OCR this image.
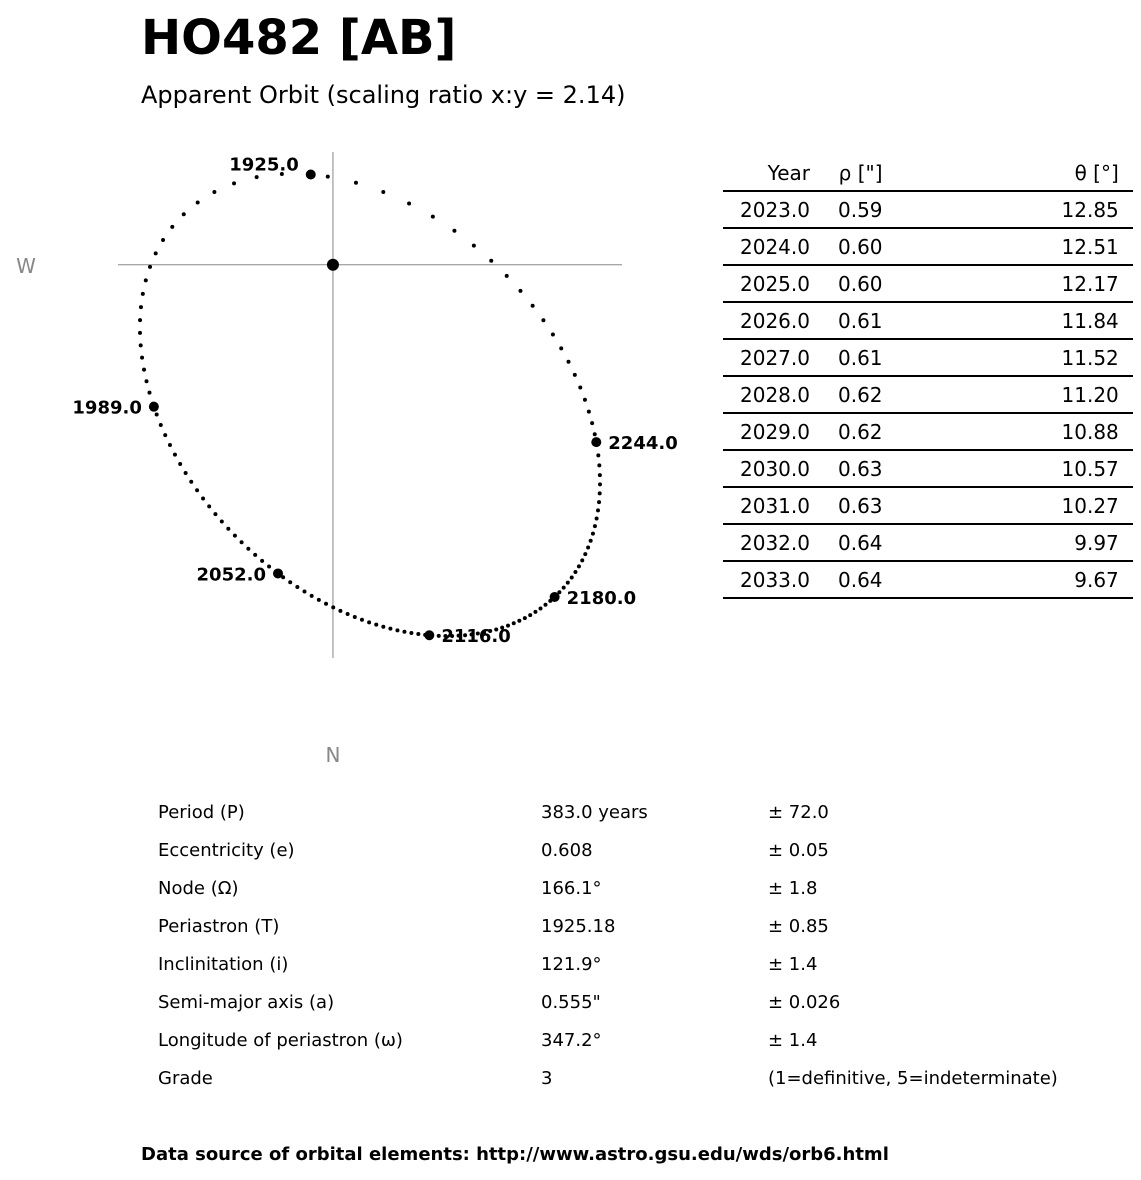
HO482 [AB]
Apparent Orbit (scaling ratio x:y = 2.14)
W
N
1925.0
1989.0
2052.0
2116.0
2180.0
2244.0
Year	ρ ["]	θ [°]
2023.0	0.59	12.85
2024.0	0.60	12.51
2025.0	0.60	12.17
2026.0	0.61	11.84
2027.0	0.61	11.52
2028.0	0.62	11.20
2029.0	0.62	10.88
2030.0	0.63	10.57
2031.0	0.63	10.27
2032.0	0.64	9.97
2033.0	0.64	9.67
Period (P)	383.0 years	± 72.0
Eccentricity (e)	0.608	± 0.05
Node (Ω)	166.1°	± 1.8
Periastron (T)	1925.18	± 0.85
Inclinitation (i)	121.9°	± 1.4
Semi-major axis (a)	0.555"	± 0.026
Longitude of periastron (ω)	347.2°	± 1.4
Grade	3	(1=definitive, 5=indeterminate)
Data source of orbital elements: http://www.astro.gsu.edu/wds/orb6.html
